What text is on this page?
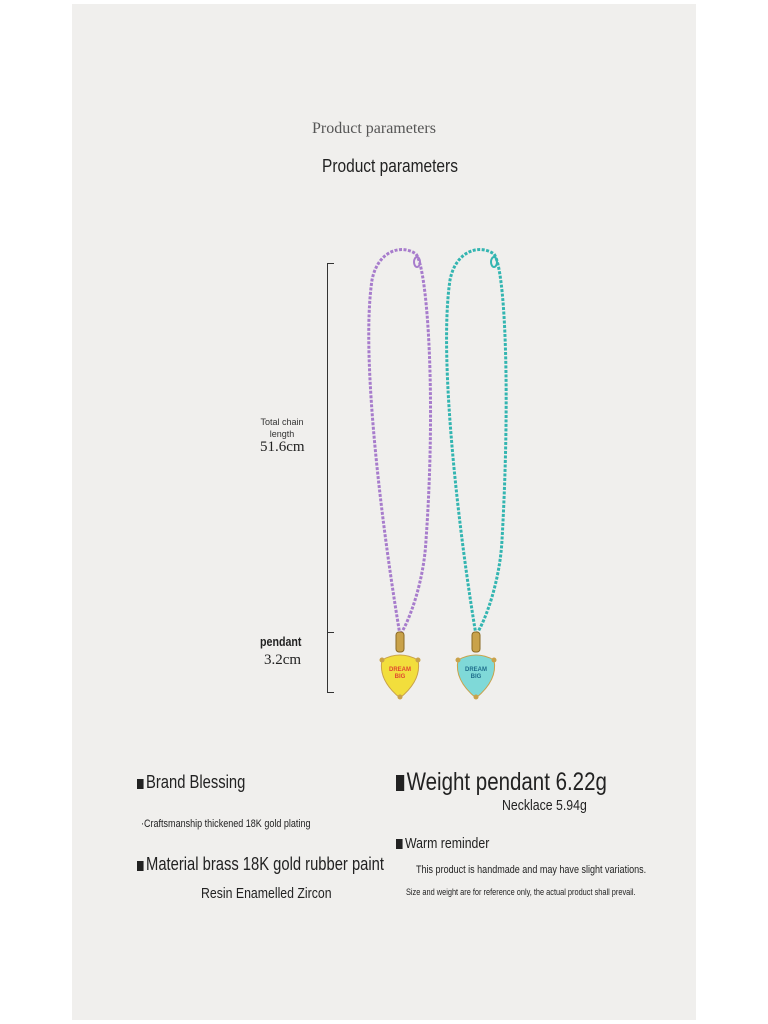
Product parameters
Product parameters
Total chain length
51.6cm
pendant
3.2cm
DREAM
BIG
DREAM
BIG
Brand Blessing
·Craftsmanship thickened 18K gold plating
Material brass 18K gold rubber paint
Resin Enamelled Zircon
Weight pendant 6.22g
Necklace 5.94g
Warm reminder
This product is handmade and may have slight variations.
Size and weight are for reference only, the actual product shall prevail.
